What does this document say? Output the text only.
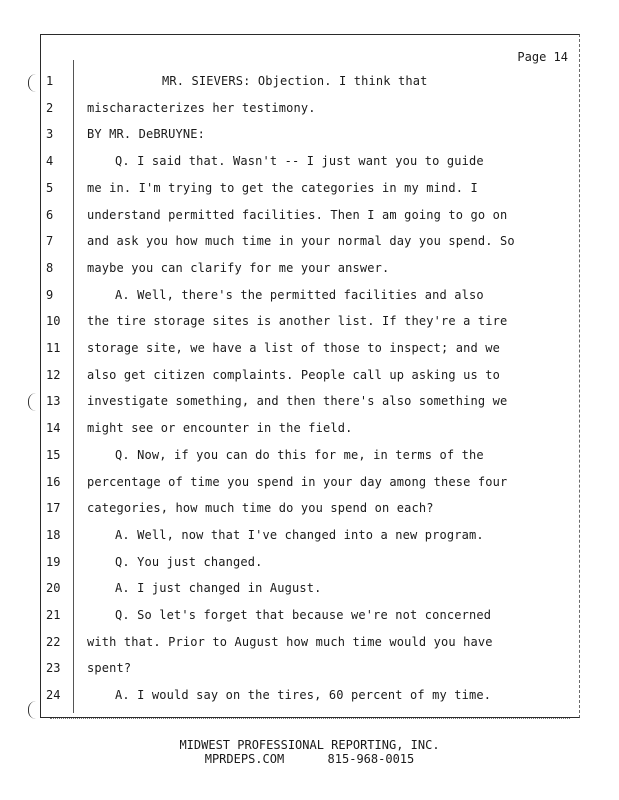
Page 14
1	MR. SIEVERS: Objection. I think that
2	mischaracterizes her testimony.
3	BY MR. DeBRUYNE:
4	Q. I said that. Wasn't -- I just want you to guide
5	me in. I'm trying to get the categories in my mind. I
6	understand permitted facilities. Then I am going to go on
7	and ask you how much time in your normal day you spend. So
8	maybe you can clarify for me your answer.
9	A. Well, there's the permitted facilities and also
10	the tire storage sites is another list. If they're a tire
11	storage site, we have a list of those to inspect; and we
12	also get citizen complaints. People call up asking us to
13	investigate something, and then there's also something we
14	might see or encounter in the field.
15	Q. Now, if you can do this for me, in terms of the
16	percentage of time you spend in your day among these four
17	categories, how much time do you spend on each?
18	A. Well, now that I've changed into a new program.
19	Q. You just changed.
20	A. I just changed in August.
21	Q. So let's forget that because we're not concerned
22	with that. Prior to August how much time would you have
23	spent?
24	A. I would say on the tires, 60 percent of my time.
MIDWEST PROFESSIONAL REPORTING, INC.
MPRDEPS.COM      815-968-0015
